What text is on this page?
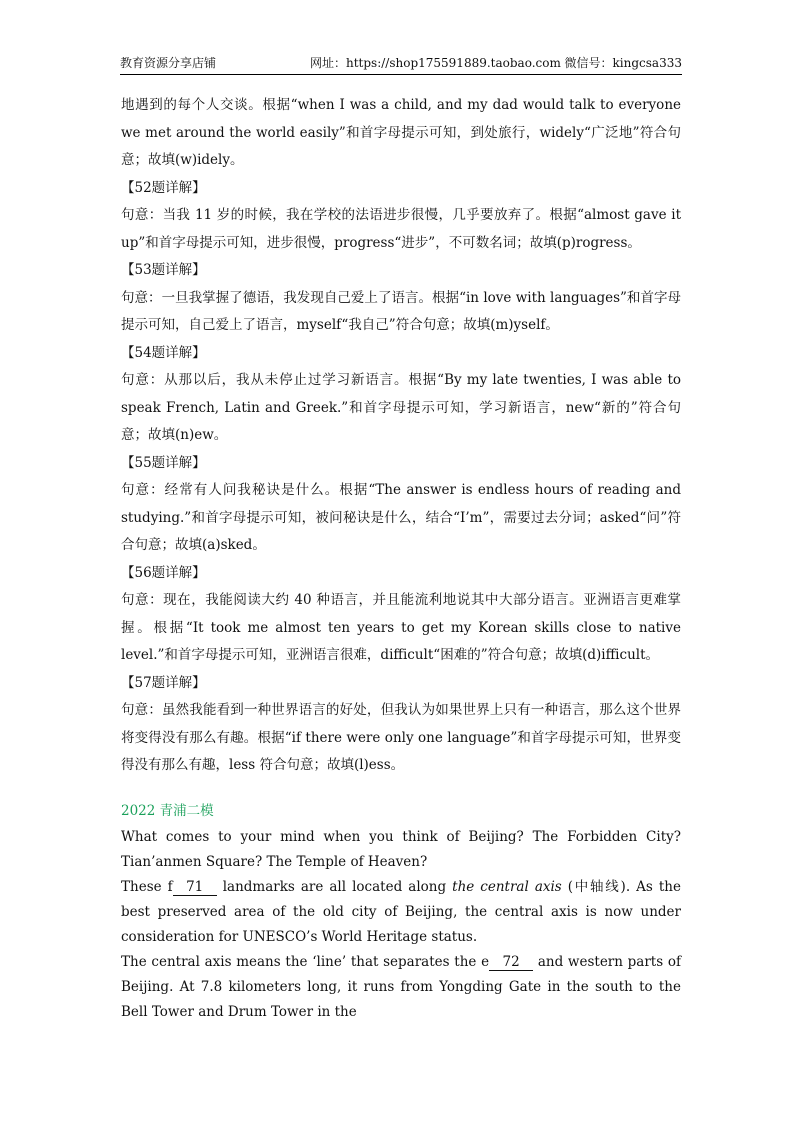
教育资源分享店铺	网址：https://shop175591889.taobao.com 微信号：kingcsa333

地遇到的每个人交谈。根据“when I was a child, and my dad would talk to everyone we met around the world easily”和首字母提示可知，到处旅行，widely“广泛地”符合句意；故填(w)idely。

【52题详解】

句意：当我 11 岁的时候，我在学校的法语进步很慢，几乎要放弃了。根据“almost gave it up”和首字母提示可知，进步很慢，progress“进步”，不可数名词；故填(p)rogress。

【53题详解】

句意：一旦我掌握了德语，我发现自己爱上了语言。根据“in love with languages”和首字母提示可知，自己爱上了语言，myself“我自己”符合句意；故填(m)yself。

【54题详解】

句意：从那以后，我从未停止过学习新语言。根据“By my late twenties, I was able to speak French, Latin and Greek.”和首字母提示可知，学习新语言，new“新的”符合句意；故填(n)ew。

【55题详解】

句意：经常有人问我秘诀是什么。根据“The answer is endless hours of reading and studying.”和首字母提示可知，被问秘诀是什么，结合“I’m”，需要过去分词；asked“问”符合句意；故填(a)sked。

【56题详解】

句意：现在，我能阅读大约 40 种语言，并且能流利地说其中大部分语言。亚洲语言更难掌握。根据“It took me almost ten years to get my Korean skills close to native level.”和首字母提示可知，亚洲语言很难，difficult“困难的”符合句意；故填(d)ifficult。

【57题详解】

句意：虽然我能看到一种世界语言的好处，但我认为如果世界上只有一种语言，那么这个世界将变得没有那么有趣。根据“if there were only one language”和首字母提示可知，世界变得没有那么有趣，less 符合句意；故填(l)ess。

2022 青浦二模

What comes to your mind when you think of Beijing? The Forbidden City? Tian’anmen Square? The Temple of Heaven?

These f 71 landmarks are all located along the central axis (中轴线). As the best preserved area of the old city of Beijing, the central axis is now under consideration for UNESCO’s World Heritage status.

The central axis means the ‘line’ that separates the e 72 and western parts of Beijing. At 7.8 kilometers long, it runs from Yongding Gate in the south to the Bell Tower and Drum Tower in the
